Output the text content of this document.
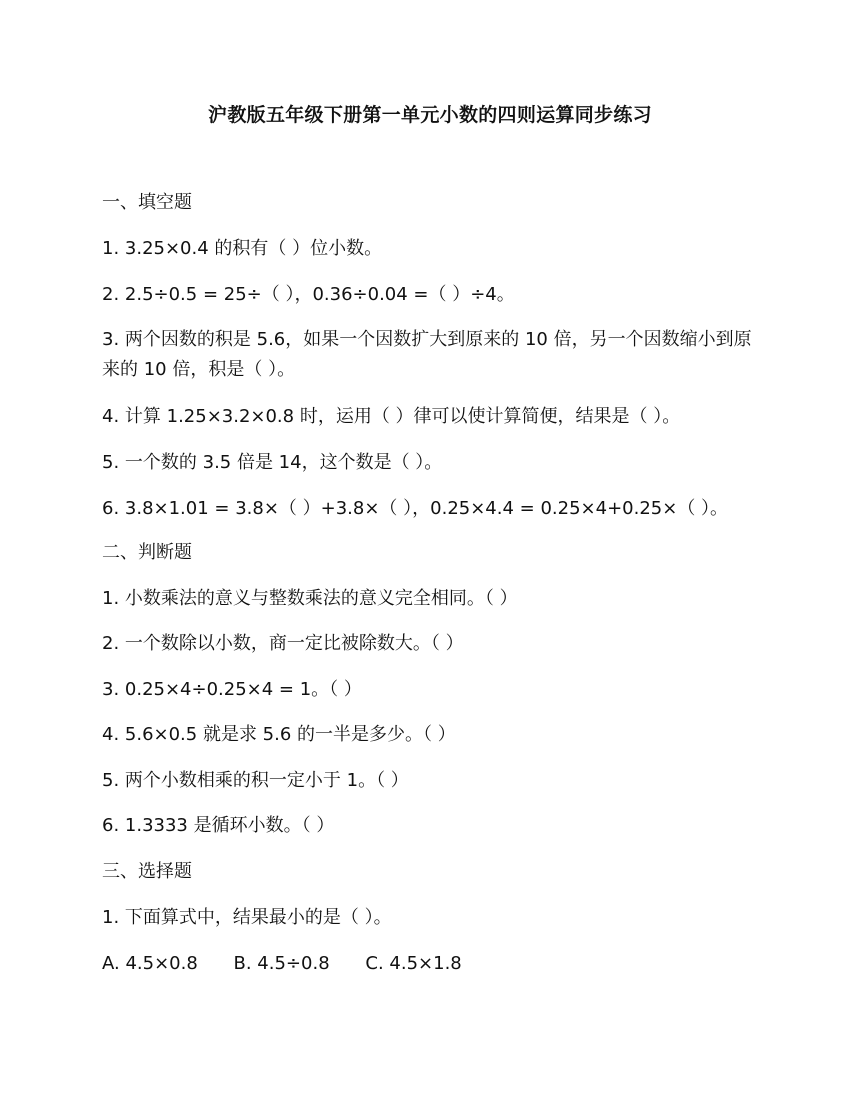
沪教版五年级下册第一单元小数的四则运算同步练习
一、填空题
1. 3.25×0.4 的积有（ ）位小数。
2. 2.5÷0.5 = 25÷（ ），0.36÷0.04 =（ ）÷4。
3. 两个因数的积是 5.6，如果一个因数扩大到原来的 10 倍，另一个因数缩小到原来的 10 倍，积是（ ）。
4. 计算 1.25×3.2×0.8 时，运用（ ）律可以使计算简便，结果是（ ）。
5. 一个数的 3.5 倍是 14，这个数是（ ）。
6. 3.8×1.01 = 3.8×（ ）+3.8×（ ），0.25×4.4 = 0.25×4+0.25×（ ）。
二、判断题
1. 小数乘法的意义与整数乘法的意义完全相同。（ ）
2. 一个数除以小数，商一定比被除数大。（ ）
3. 0.25×4÷0.25×4 = 1。（ ）
4. 5.6×0.5 就是求 5.6 的一半是多少。（ ）
5. 两个小数相乘的积一定小于 1。（ ）
6. 1.3333 是循环小数。（ ）
三、选择题
1. 下面算式中，结果最小的是（ ）。
A. 4.5×0.8 B. 4.5÷0.8 C. 4.5×1.8
